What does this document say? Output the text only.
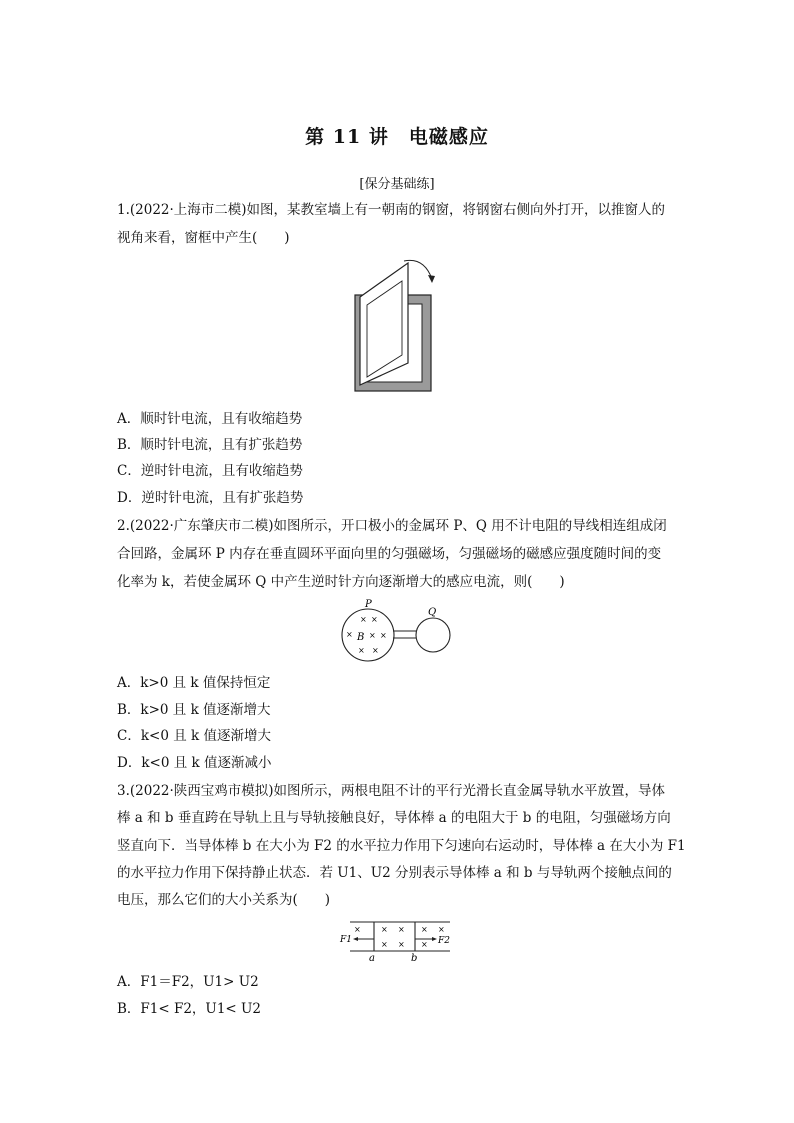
第 11 讲　电磁感应
[保分基础练]
1.(2022·上海市二模)如图，某教室墙上有一朝南的钢窗，将钢窗右侧向外打开，以推窗人的
视角来看，窗框中产生(　　)
A．顺时针电流，且有收缩趋势
B．顺时针电流，且有扩张趋势
C．逆时针电流，且有收缩趋势
D．逆时针电流，且有扩张趋势
2.(2022·广东肇庆市二模)如图所示，开口极小的金属环 P、Q 用不计电阻的导线相连组成闭
合回路，金属环 P 内存在垂直圆环平面向里的匀强磁场，匀强磁场的磁感应强度随时间的变
化率为 k，若使金属环 Q 中产生逆时针方向逐渐增大的感应电流，则(　　)
P
Q
B
× ×
× × ×
× ×
A．k>0 且 k 值保持恒定
B．k>0 且 k 值逐渐增大
C．k<0 且 k 值逐渐增大
D．k<0 且 k 值逐渐减小
3.(2022·陕西宝鸡市模拟)如图所示，两根电阻不计的平行光滑长直金属导轨水平放置，导体
棒 a 和 b 垂直跨在导轨上且与导轨接触良好，导体棒 a 的电阻大于 b 的电阻，匀强磁场方向
竖直向下．当导体棒 b 在大小为 F2 的水平拉力作用下匀速向右运动时，导体棒 a 在大小为 F1
的水平拉力作用下保持静止状态．若 U1、U2 分别表示导体棒 a 和 b 与导轨两个接触点间的
电压，那么它们的大小关系为(　　)
F1	F2
a	b
×	× × × ×
× × ×
A．F1＝F2，U1> U2
B．F1< F2，U1< U2
